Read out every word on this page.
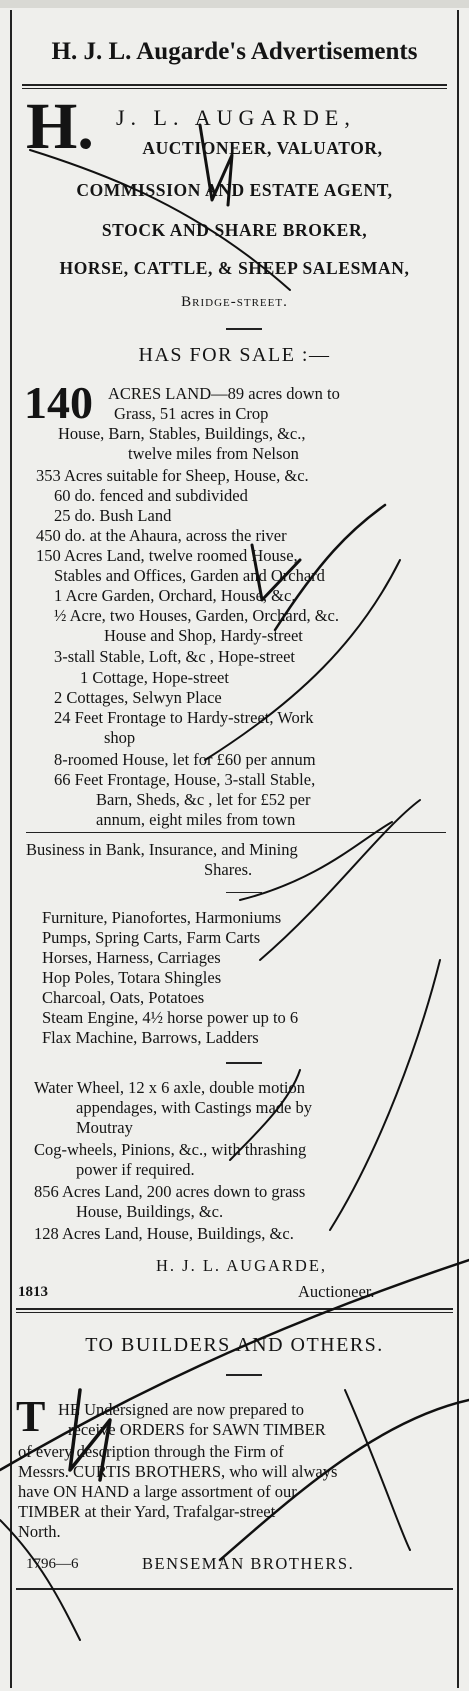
H. J. L. Augarde's Advertisements
H. J. L. AUGARDE,
AUCTIONEER, VALUATOR,
COMMISSION AND ESTATE AGENT,
STOCK AND SHARE BROKER,
HORSE, CATTLE, & SHEEP SALESMAN,
Bridge-street.
HAS FOR SALE :—
140 ACRES LAND—89 acres down to
Grass, 51 acres in Crop
House, Barn, Stables, Buildings, &c.,
twelve miles from Nelson
353 Acres suitable for Sheep, House, &c.
60 do. fenced and subdivided
25 do. Bush Land
450 do. at the Ahaura, across the river
150 Acres Land, twelve roomed House,
Stables and Offices, Garden and Orchard
1 Acre Garden, Orchard, House, &c.
½ Acre, two Houses, Garden, Orchard, &c.
House and Shop, Hardy-street
3-stall Stable, Loft, &c , Hope-street
1 Cottage, Hope-street
2 Cottages, Selwyn Place
24 Feet Frontage to Hardy-street, Work
shop
8-roomed House, let for £60 per annum
66 Feet Frontage, House, 3-stall Stable,
Barn, Sheds, &c , let for £52 per
annum, eight miles from town
Business in Bank, Insurance, and Mining
Shares.
Furniture, Pianofortes, Harmoniums
Pumps, Spring Carts, Farm Carts
Horses, Harness, Carriages
Hop Poles, Totara Shingles
Charcoal, Oats, Potatoes
Steam Engine, 4½ horse power up to 6
Flax Machine, Barrows, Ladders
Water Wheel, 12 x 6 axle, double motion
appendages, with Castings made by
Moutray
Cog-wheels, Pinions, &c., with thrashing
power if required.
856 Acres Land, 200 acres down to grass
House, Buildings, &c.
128 Acres Land, House, Buildings, &c.
H. J. L. AUGARDE,
1813	Auctioneer.
TO BUILDERS AND OTHERS.
T HE Undersigned are now prepared to
receive ORDERS for SAWN TIMBER
of every description through the Firm of
Messrs. CURTIS BROTHERS, who will always
have ON HAND a large assortment of our
TIMBER at their Yard, Trafalgar-street
North.
1796—6	BENSEMAN BROTHERS.
